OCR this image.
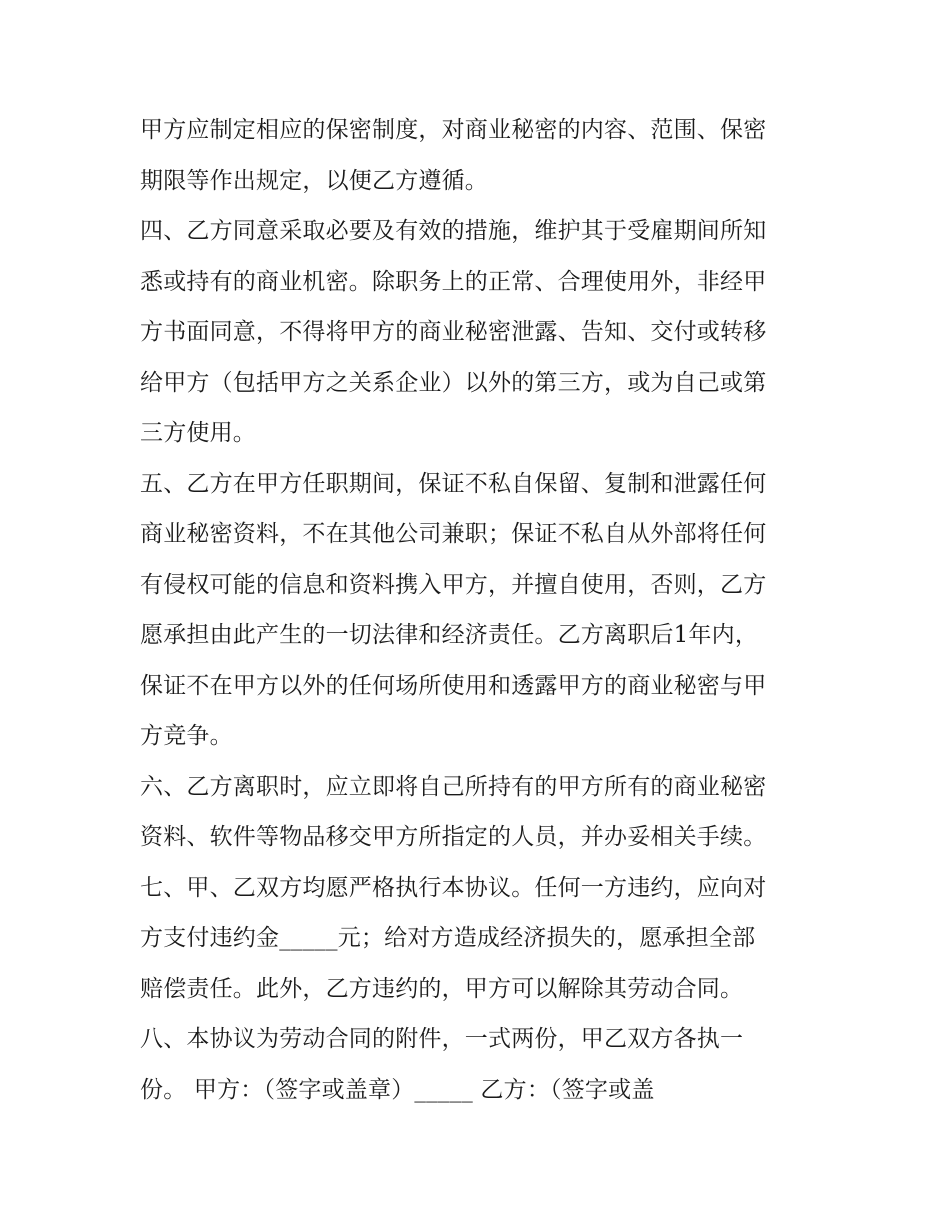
甲方应制定相应的保密制度，对商业秘密的内容、范围、保密
期限等作出规定，以便乙方遵循。
四、乙方同意采取必要及有效的措施，维护其于受雇期间所知
悉或持有的商业机密。除职务上的正常、合理使用外，非经甲
方书面同意，不得将甲方的商业秘密泄露、告知、交付或转移
给甲方（包括甲方之关系企业）以外的第三方，或为自己或第
三方使用。
五、乙方在甲方任职期间，保证不私自保留、复制和泄露任何
商业秘密资料，不在其他公司兼职；保证不私自从外部将任何
有侵权可能的信息和资料携入甲方，并擅自使用，否则，乙方
愿承担由此产生的一切法律和经济责任。乙方离职后1年内，
保证不在甲方以外的任何场所使用和透露甲方的商业秘密与甲
方竞争。
六、乙方离职时，应立即将自己所持有的甲方所有的商业秘密
资料、软件等物品移交甲方所指定的人员，并办妥相关手续。
七、甲、乙双方均愿严格执行本协议。任何一方违约，应向对
方支付违约金_____元；给对方造成经济损失的，愿承担全部
赔偿责任。此外，乙方违约的，甲方可以解除其劳动合同。
八、本协议为劳动合同的附件，一式两份，甲乙双方各执一
份。 甲方：（签字或盖章）_____ 乙方：（签字或盖
